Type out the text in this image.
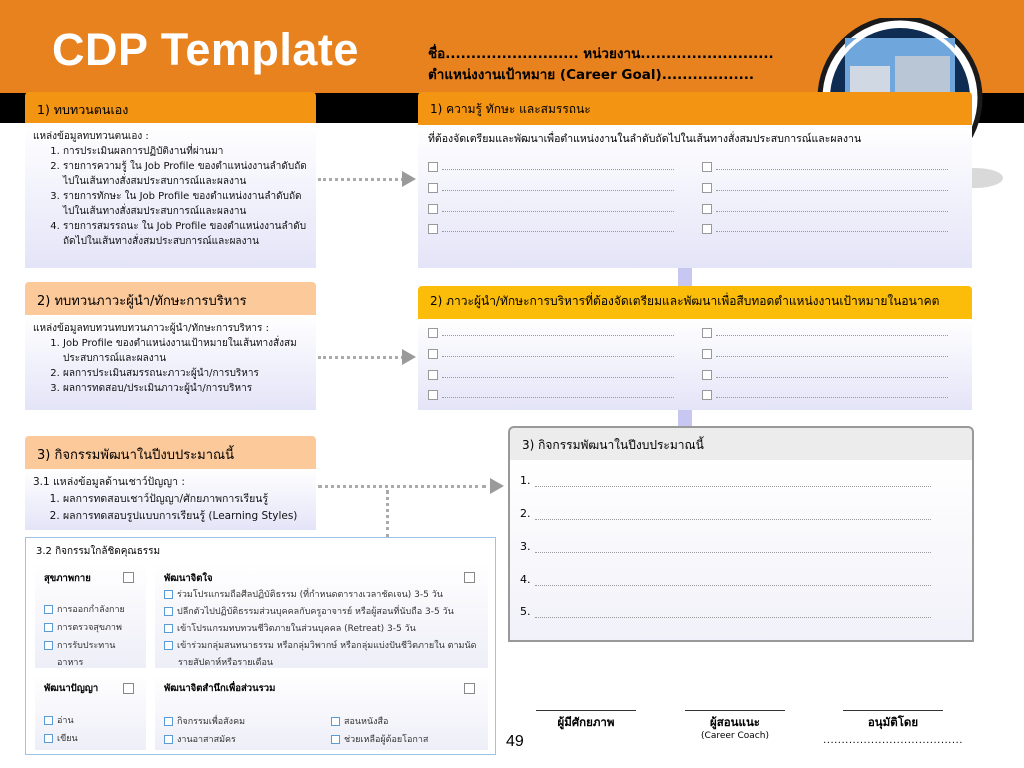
CDP Template	ชื่อ.......................... หน่วยงาน..........................
ตำแหน่งงานเป้าหมาย (Career Goal)..................
1) ทบทวนตนเอง
แหล่งข้อมูลทบทวนตนเอง :
1. การประเมินผลการปฏิบัติงานที่ผ่านมา
2. รายการความรู้ ใน Job Profile ของตำแหน่งงานลำดับถัดไปในเส้นทางสั่งสมประสบการณ์และผลงาน
3. รายการทักษะ ใน Job Profile ของตำแหน่งงานลำดับถัดไปในเส้นทางสั่งสมประสบการณ์และผลงาน
4. รายการสมรรถนะ ใน Job Profile ของตำแหน่งงานลำดับถัดไปในเส้นทางสั่งสมประสบการณ์และผลงาน
2) ทบทวนภาวะผู้นำ/ทักษะการบริหาร
แหล่งข้อมูลทบทวนทบทวนภาวะผู้นำ/ทักษะการบริหาร :
1. Job Profile ของตำแหน่งงานเป้าหมายในเส้นทางสั่งสมประสบการณ์และผลงาน
2. ผลการประเมินสมรรถนะภาวะผู้นำ/การบริหาร
3. ผลการทดสอบ/ประเมินภาวะผู้นำ/การบริหาร
3) กิจกรรมพัฒนาในปีงบประมาณนี้
3.1 แหล่งข้อมูลด้านเชาว์ปัญญา :
1. ผลการทดสอบเชาว์ปัญญา/ศักยภาพการเรียนรู้
2. ผลการทดสอบรูปแบบการเรียนรู้ (Learning Styles)
1) ความรู้ ทักษะ และสมรรถนะ
ที่ต้องจัดเตรียมและพัฒนาเพื่อตำแหน่งงานในลำดับถัดไปในเส้นทางสั่งสมประสบการณ์และผลงาน
2) ภาวะผู้นำ/ทักษะการบริหารที่ต้องจัดเตรียมและพัฒนาเพื่อสืบทอดตำแหน่งงานเป้าหมายในอนาคต
3) กิจกรรมพัฒนาในปีงบประมาณนี้
1.
2.
3.
4.
5.
3.2 กิจกรรมใกล้ชิดคุณธรรม
สุขภาพกาย
การออกกำลังกาย
การตรวจสุขภาพ
การรับประทาน
อาหาร
พัฒนาจิตใจ
ร่วมโปรแกรมถือศีลปฏิบัติธรรม (ที่กำหนดตารางเวลาชัดเจน) 3-5 วัน
ปลีกตัวไปปฏิบัติธรรมส่วนบุคคลกับครูอาจารย์ หรือผู้สอนที่นับถือ 3-5 วัน
เข้าโปรแกรมทบทวนชีวิตภายในส่วนบุคคล (Retreat) 3-5 วัน
เข้าร่วมกลุ่มสนทนาธรรม หรือกลุ่มวิพากษ์ หรือกลุ่มแบ่งปันชีวิตภายใน ตามนัด
รายสัปดาห์หรือรายเดือน
พัฒนาปัญญา
อ่าน
เขียน
พัฒนาจิตสำนึกเพื่อส่วนรวม
กิจกรรมเพื่อสังคม
งานอาสาสมัคร
สอนหนังสือ
ช่วยเหลือผู้ด้อยโอกาส
ผู้มีศักยภาพ	ผู้สอนแนะ
(Career Coach)
อนุมัติโดย
......................................
49
